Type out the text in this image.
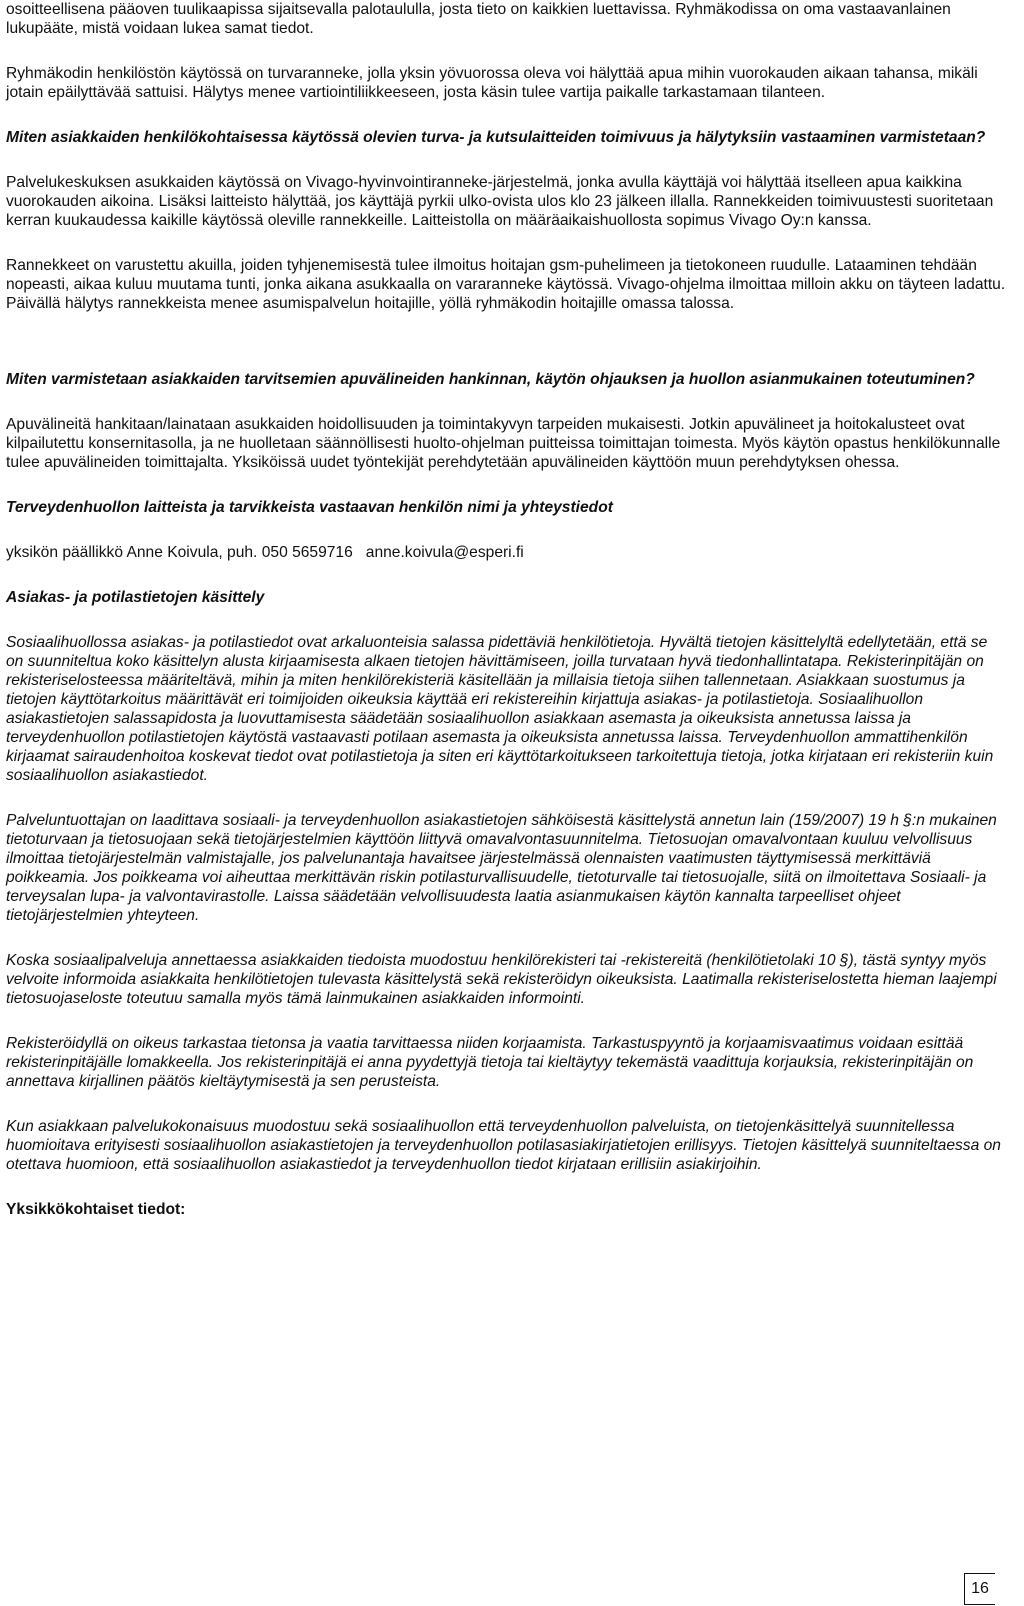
osoitteellisena pääoven tuulikaapissa sijaitsevalla palotaululla, josta tieto on kaikkien luettavissa. Ryhmäkodissa on oma vastaavanlainen lukupääte, mistä voidaan lukea samat tiedot.

Ryhmäkodin henkilöstön käytössä on turvaranneke, jolla yksin yövuorossa oleva voi hälyttää apua mihin vuorokauden aikaan tahansa, mikäli jotain epäilyttävää sattuisi. Hälytys menee vartiointiliikkeeseen, josta käsin tulee vartija paikalle tarkastamaan tilanteen.

Miten asiakkaiden henkilökohtaisessa käytössä olevien turva- ja kutsulaitteiden toimivuus ja hälytyksiin vastaaminen varmistetaan?

Palvelukeskuksen asukkaiden käytössä on Vivago-hyvinvointiranneke-järjestelmä, jonka avulla käyttäjä voi hälyttää itselleen apua kaikkina vuorokauden aikoina. Lisäksi laitteisto hälyttää, jos käyttäjä pyrkii ulko-ovista ulos klo 23 jälkeen illalla. Rannekkeiden toimivuustesti suoritetaan kerran kuukaudessa kaikille käytössä oleville rannekkeille. Laitteistolla on määräaikaishuollosta sopimus Vivago Oy:n kanssa.

Rannekkeet on varustettu akuilla, joiden tyhjenemisestä tulee ilmoitus hoitajan gsm-puhelimeen ja tietokoneen ruudulle. Lataaminen tehdään nopeasti, aikaa kuluu muutama tunti, jonka aikana asukkaalla on vararanneke käytössä. Vivago-ohjelma ilmoittaa milloin akku on täyteen ladattu.

Päivällä hälytys rannekkeista menee asumispalvelun hoitajille, yöllä ryhmäkodin hoitajille omassa talossa.

Miten varmistetaan asiakkaiden tarvitsemien apuvälineiden hankinnan, käytön ohjauksen ja huollon asianmukainen toteutuminen?

Apuvälineitä hankitaan/lainataan asukkaiden hoidollisuuden ja toimintakyvyn tarpeiden mukaisesti. Jotkin apuvälineet ja hoitokalusteet ovat kilpailutettu konsernitasolla, ja ne huolletaan säännöllisesti huolto-ohjelman puitteissa toimittajan toimesta. Myös käytön opastus henkilökunnalle tulee apuvälineiden toimittajalta. Yksiköissä uudet työntekijät perehdytetään apuvälineiden käyttöön muun perehdytyksen ohessa.

Terveydenhuollon laitteista ja tarvikkeista vastaavan henkilön nimi ja yhteystiedot

yksikön päällikkö Anne Koivula, puh. 050 5659716 anne.koivula@esperi.fi

Asiakas- ja potilastietojen käsittely

Sosiaalihuollossa asiakas- ja potilastiedot ovat arkaluonteisia salassa pidettäviä henkilötietoja. Hyvältä tietojen käsittelyltä edellytetään, että se on suunniteltua koko käsittelyn alusta kirjaamisesta alkaen tietojen hävittämiseen, joilla turvataan hyvä tiedonhallintatapa. Rekisterinpitäjän on rekisteriselosteessa määriteltävä, mihin ja miten henkilörekisteriä käsitellään ja millaisia tietoja siihen tallennetaan. Asiakkaan suostumus ja tietojen käyttötarkoitus määrittävät eri toimijoiden oikeuksia käyttää eri rekistereihin kirjattuja asiakas- ja potilastietoja. Sosiaalihuollon asiakastietojen salassapidosta ja luovuttamisesta säädetään sosiaalihuollon asiakkaan asemasta ja oikeuksista annetussa laissa ja terveydenhuollon potilastietojen käytöstä vastaavasti potilaan asemasta ja oikeuksista annetussa laissa. Terveydenhuollon ammattihenkilön kirjaamat sairaudenhoitoa koskevat tiedot ovat potilastietoja ja siten eri käyttötarkoitukseen tarkoitettuja tietoja, jotka kirjataan eri rekisteriin kuin sosiaalihuollon asiakastiedot.

Palveluntuottajan on laadittava sosiaali- ja terveydenhuollon asiakastietojen sähköisestä käsittelystä annetun lain (159/2007) 19 h §:n mukainen tietoturvaan ja tietosuojaan sekä tietojärjestelmien käyttöön liittyvä omavalvontasuunnitelma. Tietosuojan omavalvontaan kuuluu velvollisuus ilmoittaa tietojärjestelmän valmistajalle, jos palvelunantaja havaitsee järjestelmässä olennaisten vaatimusten täyttymisessä merkittäviä poikkeamia. Jos poikkeama voi aiheuttaa merkittävän riskin potilasturvallisuudelle, tietoturvalle tai tietosuojalle, siitä on ilmoitettava Sosiaali- ja terveysalan lupa- ja valvontavirastolle. Laissa säädetään velvollisuudesta laatia asianmukaisen käytön kannalta tarpeelliset ohjeet tietojärjestelmien yhteyteen.

Koska sosiaalipalveluja annettaessa asiakkaiden tiedoista muodostuu henkilörekisteri tai -rekistereitä (henkilötietolaki 10 §), tästä syntyy myös velvoite informoida asiakkaita henkilötietojen tulevasta käsittelystä sekä rekisteröidyn oikeuksista. Laatimalla rekisteriselostetta hieman laajempi tietosuojaseloste toteutuu samalla myös tämä lainmukainen asiakkaiden informointi.

Rekisteröidyllä on oikeus tarkastaa tietonsa ja vaatia tarvittaessa niiden korjaamista. Tarkastuspyyntö ja korjaamisvaatimus voidaan esittää rekisterinpitäjälle lomakkeella. Jos rekisterinpitäjä ei anna pyydettyjä tietoja tai kieltäytyy tekemästä vaadittuja korjauksia, rekisterinpitäjän on annettava kirjallinen päätös kieltäytymisestä ja sen perusteista.

Kun asiakkaan palvelukokonaisuus muodostuu sekä sosiaalihuollon että terveydenhuollon palveluista, on tietojenkäsittelyä suunnitellessa huomioitava erityisesti sosiaalihuollon asiakastietojen ja terveydenhuollon potilasasiakirjatietojen erillisyys. Tietojen käsittelyä suunniteltaessa on otettava huomioon, että sosiaalihuollon asiakastiedot ja terveydenhuollon tiedot kirjataan erillisiin asiakirjoihin.

Yksikkökohtaiset tiedot:

16
